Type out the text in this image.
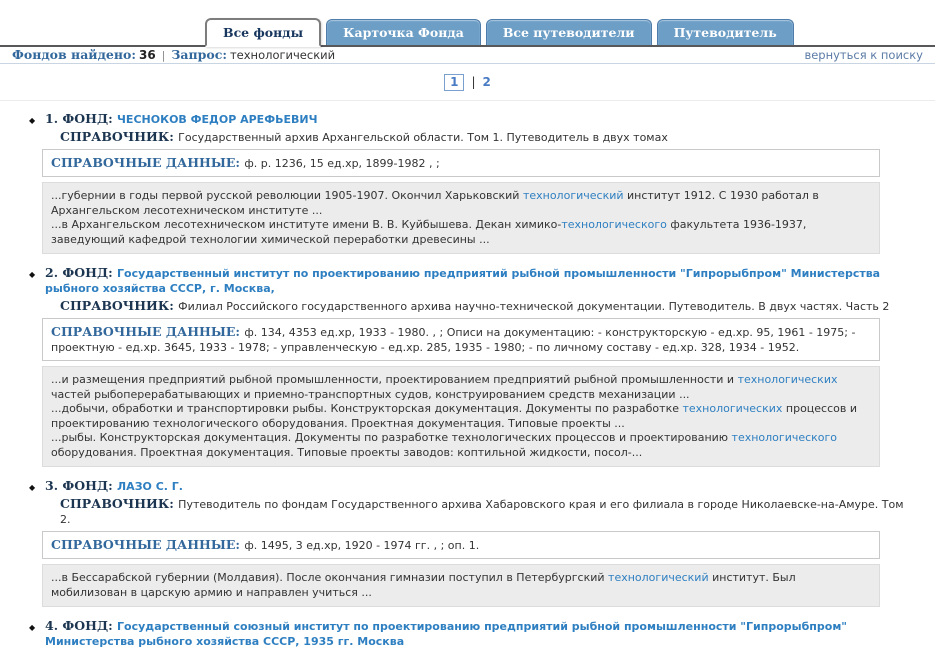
Все фонды	Карточка Фонда	Все путеводители	Путеводитель
Фондов найдено: 36 | Запрос: технологический	вернуться к поиску
1 | 2
◆ 1. ФОНД: ЧЕСНОКОВ ФЕДОР АРЕФЬЕВИЧ
СПРАВОЧНИК: Государственный архив Архангельской области. Том 1. Путеводитель в двух томах
СПРАВОЧНЫЕ ДАННЫЕ: ф. р. 1236, 15 ед.хр, 1899-1982 , ;
...губернии в годы первой русской революции 1905-1907. Окончил Харьковский технологический институт 1912. С 1930 работал в Архангельском лесотехническом институте ...
...в Архангельском лесотехническом институте имени В. В. Куйбышева. Декан химико-технологического факультета 1936-1937, заведующий кафедрой технологии химической переработки древесины ...
◆ 2. ФОНД: Государственный институт по проектированию предприятий рыбной промышленности "Гипрорыбпром" Министерства рыбного хозяйства СССР, г. Москва,
СПРАВОЧНИК: Филиал Российского государственного архива научно-технической документации. Путеводитель. В двух частях. Часть 2
СПРАВОЧНЫЕ ДАННЫЕ: ф. 134, 4353 ед.хр, 1933 - 1980. , ; Описи на документацию: - конструкторскую - ед.хр. 95, 1961 - 1975; - проектную - ед.хр. 3645, 1933 - 1978; - управленческую - ед.хр. 285, 1935 - 1980; - по личному составу - ед.хр. 328, 1934 - 1952.
...и размещения предприятий рыбной промышленности, проектированием предприятий рыбной промышленности и технологических частей рыбоперерабатывающих и приемно-транспортных судов, конструированием средств механизации ...
...добычи, обработки и транспортировки рыбы. Конструкторская документация. Документы по разработке технологических процессов и проектированию технологического оборудования. Проектная документация. Типовые проекты ...
...рыбы. Конструкторская документация. Документы по разработке технологических процессов и проектированию технологического оборудования. Проектная документация. Типовые проекты заводов: коптильной жидкости, посол-...
◆ 3. ФОНД: ЛАЗО С. Г.
СПРАВОЧНИК: Путеводитель по фондам Государственного архива Хабаровского края и его филиала в городе Николаевске-на-Амуре. Том 2.
СПРАВОЧНЫЕ ДАННЫЕ: ф. 1495, 3 ед.хр, 1920 - 1974 гг. , ; оп. 1.
...в Бессарабской губернии (Молдавия). После окончания гимназии поступил в Петербургский технологический институт. Был мобилизован в царскую армию и направлен учиться ...
◆ 4. ФОНД: Государственный союзный институт по проектированию предприятий рыбной промышленности "Гипрорыбпром" Министерства рыбного хозяйства СССР, 1935 гг. Москва
